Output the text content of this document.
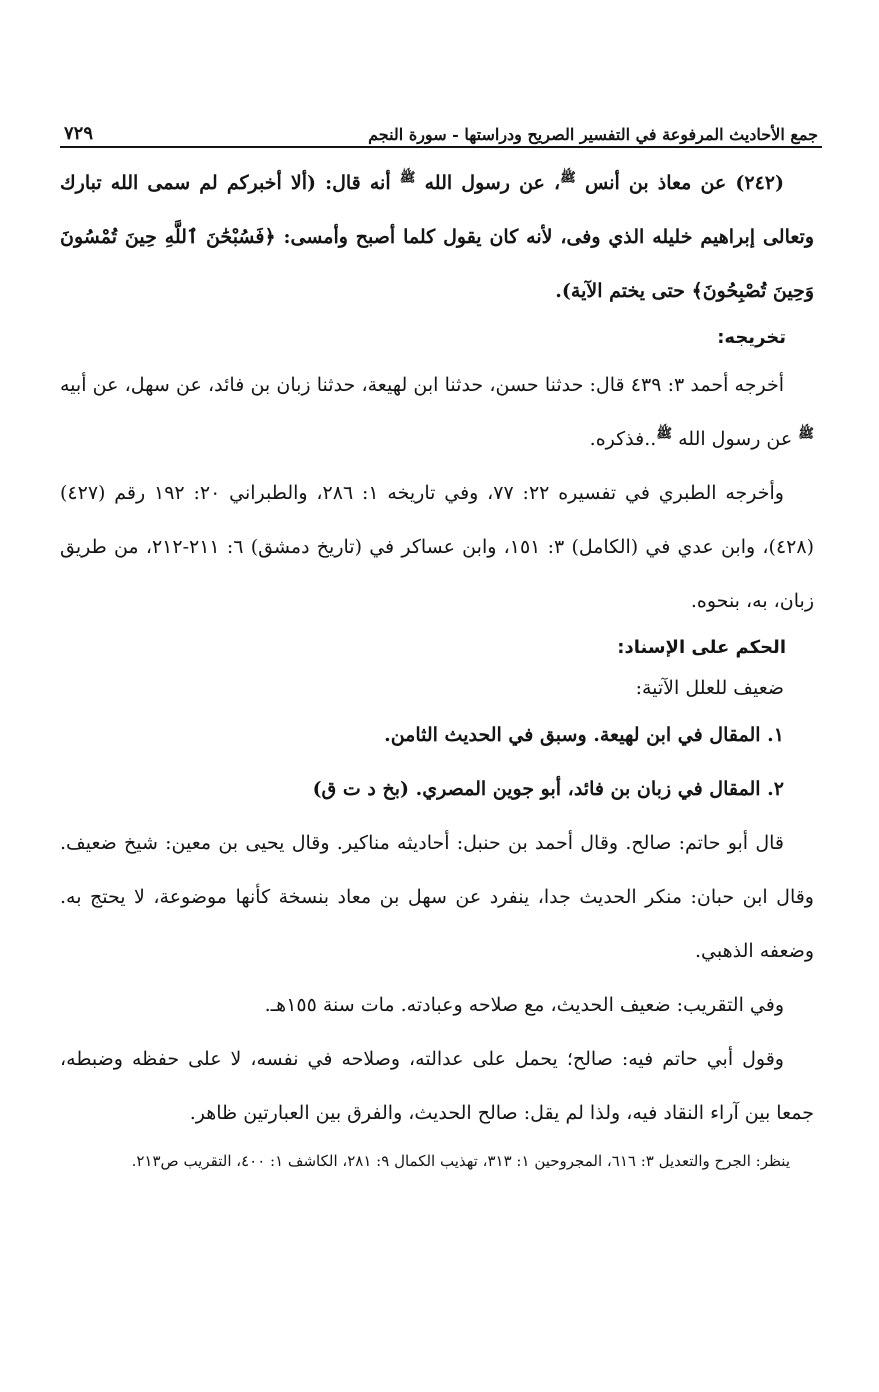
جمع الأحاديث المرفوعة في التفسير الصريح ودراستها - سورة النجم
٧٢٩

(٢٤٢) عن معاذ بن أنس $^ﷺ$، عن رسول الله $^ﷺ$ أنه قال: (ألا أخبركم لم سمى الله تبارك وتعالى إبراهيم خليله الذي وفى، لأنه كان يقول كلما أصبح وأمسى: ﴿فَسُبْحَٰنَ ٱللَّهِ حِينَ تُمْسُونَ وَحِينَ تُصْبِحُونَ﴾ حتى يختم الآية).

تخريجه:

أخرجه أحمد ٣: ٤٣٩ قال: حدثنا حسن، حدثنا ابن لهيعة، حدثنا زبان بن فائد، عن سهل، عن أبيه $^ﷺ$ عن رسول الله $^ﷺ$..فذكره.

وأخرجه الطبري في تفسيره ٢٢: ٧٧، وفي تاريخه ١: ٢٨٦، والطبراني ٢٠: ١٩٢ رقم (٤٢٧) (٤٢٨)، وابن عدي في (الكامل) ٣: ١٥١، وابن عساكر في (تاريخ دمشق) ٦: ٢١١-٢١٢، من طريق زبان، به، بنحوه.

الحكم على الإسناد:

ضعيف للعلل الآتية:

١. المقال في ابن لهيعة. وسبق في الحديث الثامن.

٢. المقال في زبان بن فائد، أبو جوين المصري. (بخ د ت ق)

قال أبو حاتم: صالح. وقال أحمد بن حنبل: أحاديثه مناكير. وقال يحيى بن معين: شيخ ضعيف. وقال ابن حبان: منكر الحديث جدا، ينفرد عن سهل بن معاد بنسخة كأنها موضوعة، لا يحتج به. وضعفه الذهبي.

وفي التقريب: ضعيف الحديث، مع صلاحه وعبادته. مات سنة ١٥٥هـ.

وقول أبي حاتم فيه: صالح؛ يحمل على عدالته، وصلاحه في نفسه، لا على حفظه وضبطه، جمعا بين آراء النقاد فيه، ولذا لم يقل: صالح الحديث، والفرق بين العبارتين ظاهر.

ينظر: الجرح والتعديل ٣: ٦١٦، المجروحين ١: ٣١٣، تهذيب الكمال ٩: ٢٨١، الكاشف ١: ٤٠٠، التقريب ص٢١٣.
